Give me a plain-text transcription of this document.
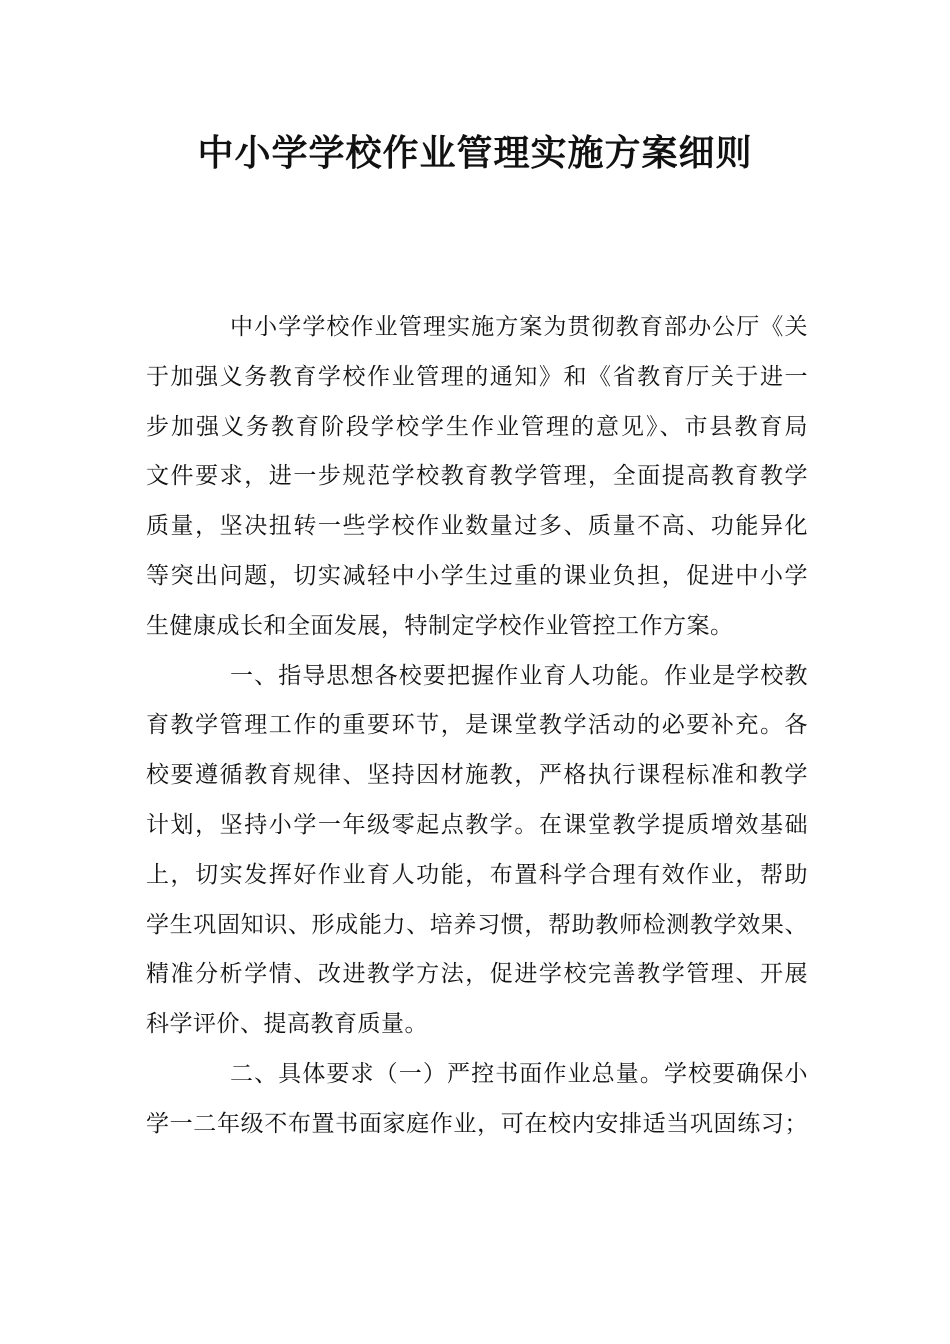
中小学学校作业管理实施方案细则
中小学学校作业管理实施方案为贯彻教育部办公厅《关
于加强义务教育学校作业管理的通知》和《省教育厅关于进一
步加强义务教育阶段学校学生作业管理的意见》、市县教育局
文件要求，进一步规范学校教育教学管理，全面提高教育教学
质量，坚决扭转一些学校作业数量过多、质量不高、功能异化
等突出问题，切实减轻中小学生过重的课业负担，促进中小学
生健康成长和全面发展，特制定学校作业管控工作方案。
一、指导思想各校要把握作业育人功能。作业是学校教
育教学管理工作的重要环节，是课堂教学活动的必要补充。各
校要遵循教育规律、坚持因材施教，严格执行课程标准和教学
计划，坚持小学一年级零起点教学。在课堂教学提质增效基础
上，切实发挥好作业育人功能，布置科学合理有效作业，帮助
学生巩固知识、形成能力、培养习惯，帮助教师检测教学效果、
精准分析学情、改进教学方法，促进学校完善教学管理、开展
科学评价、提高教育质量。
二、具体要求（一）严控书面作业总量。学校要确保小
学一二年级不布置书面家庭作业，可在校内安排适当巩固练习；
